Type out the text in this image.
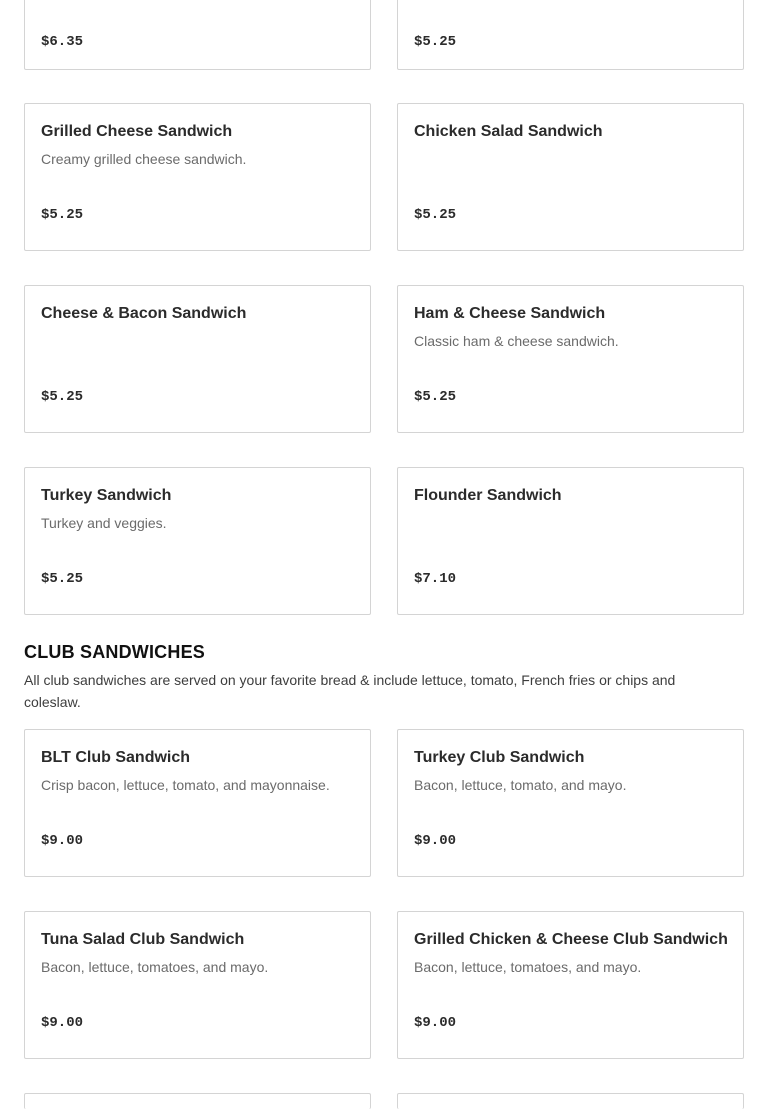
$6.35	$5.25
Grilled Cheese Sandwich
Creamy grilled cheese sandwich.
$5.25
Chicken Salad Sandwich
$5.25
Cheese & Bacon Sandwich
$5.25
Ham & Cheese Sandwich
Classic ham & cheese sandwich.
$5.25
Turkey Sandwich
Turkey and veggies.
$5.25
Flounder Sandwich
$7.10
CLUB SANDWICHES

All club sandwiches are served on your favorite bread & include lettuce, tomato, French fries or chips and coleslaw.

BLT Club Sandwich
Crisp bacon, lettuce, tomato, and mayonnaise.
$9.00
Turkey Club Sandwich
Bacon, lettuce, tomato, and mayo.
$9.00
Tuna Salad Club Sandwich
Bacon, lettuce, tomatoes, and mayo.
$9.00
Grilled Chicken & Cheese Club Sandwich
Bacon, lettuce, tomatoes, and mayo.
$9.00
